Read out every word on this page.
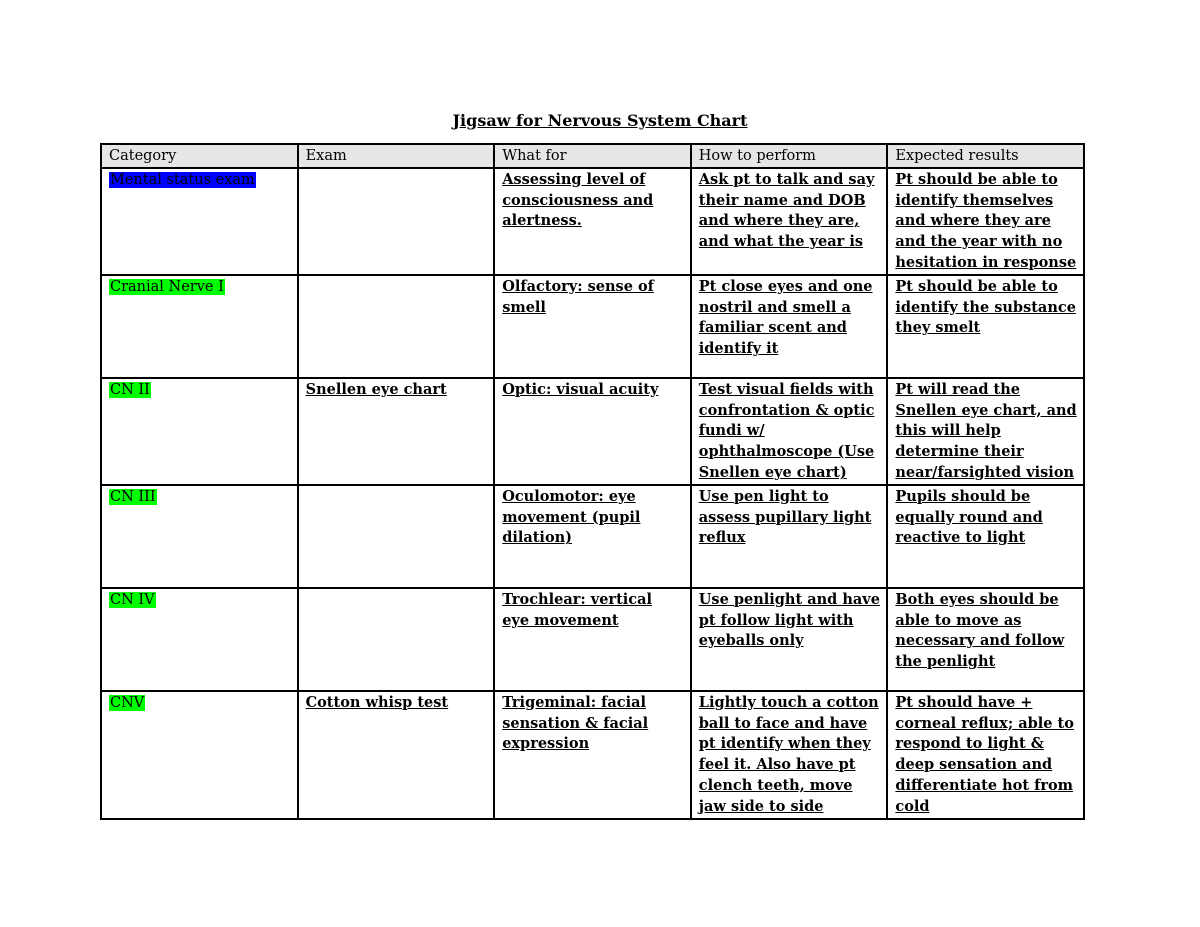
Jigsaw for Nervous System Chart
Category	Exam	What for	How to perform	Expected results
Mental status exam		Assessing level of consciousness and alertness.	Ask pt to talk and say their name and DOB and where they are, and what the year is	Pt should be able to identify themselves and where they are and the year with no hesitation in response
Cranial Nerve I		Olfactory: sense of smell	Pt close eyes and one nostril and smell a familiar scent and identify it	Pt should be able to identify the substance they smelt
CN II	Snellen eye chart	Optic: visual acuity	Test visual fields with confrontation & optic fundi w/ ophthalmoscope (Use Snellen eye chart)	Pt will read the Snellen eye chart, and this will help determine their near/farsighted vision
CN III		Oculomotor: eye movement (pupil dilation)	Use pen light to assess pupillary light reflux	Pupils should be equally round and reactive to light
CN IV		Trochlear: vertical eye movement	Use penlight and have pt follow light with eyeballs only	Both eyes should be able to move as necessary and follow the penlight
CNV	Cotton whisp test	Trigeminal: facial sensation & facial expression	Lightly touch a cotton ball to face and have pt identify when they feel it. Also have pt clench teeth, move jaw side to side	Pt should have + corneal reflux; able to respond to light & deep sensation and differentiate hot from cold
